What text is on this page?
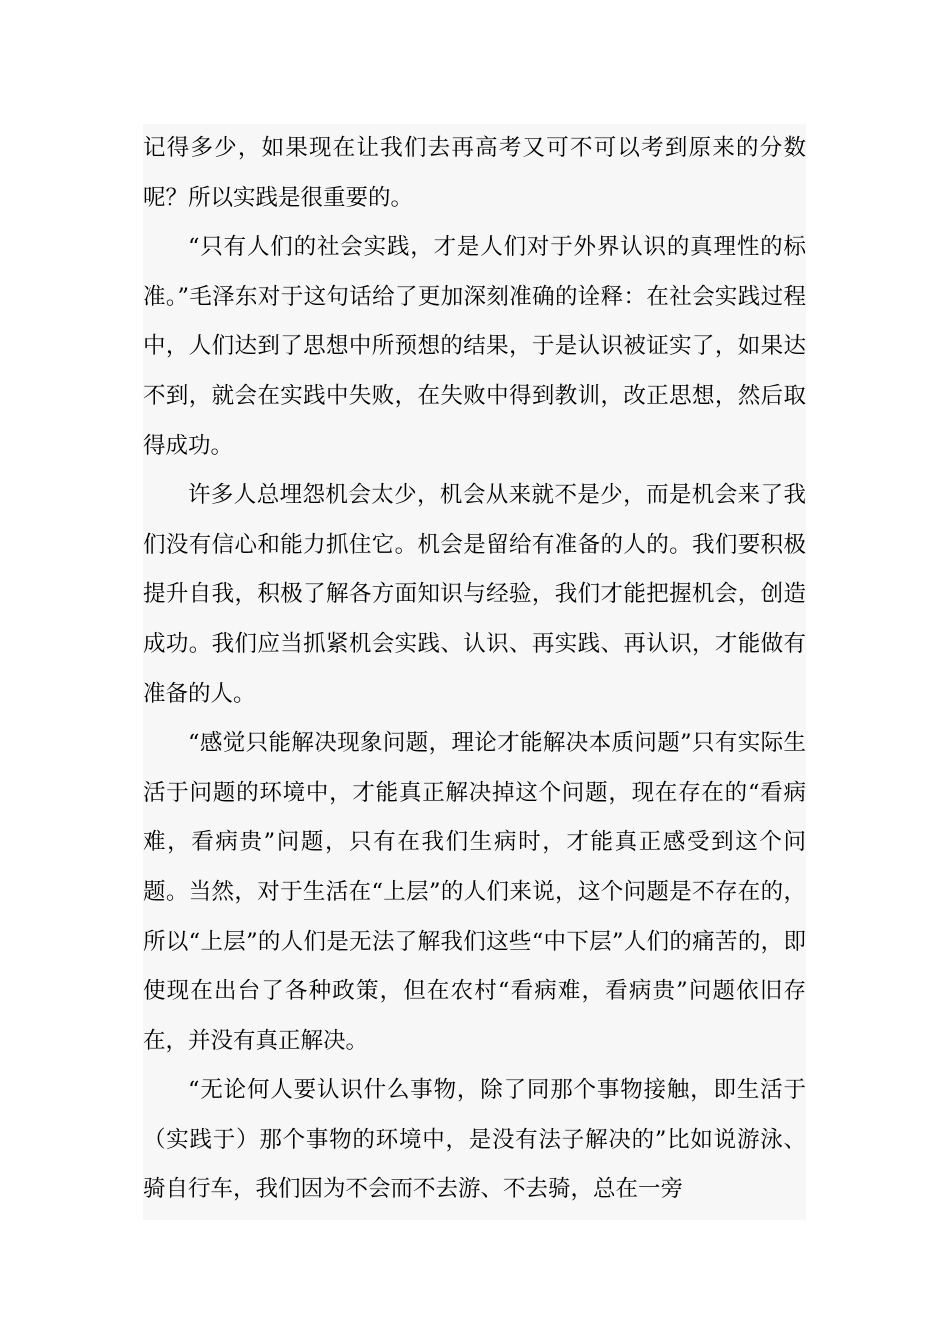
记得多少，如果现在让我们去再高考又可不可以考到原来的分数呢？所以实践是很重要的。

“只有人们的社会实践，才是人们对于外界认识的真理性的标准。”毛泽东对于这句话给了更加深刻准确的诠释：在社会实践过程中，人们达到了思想中所预想的结果，于是认识被证实了，如果达不到，就会在实践中失败，在失败中得到教训，改正思想，然后取得成功。

许多人总埋怨机会太少，机会从来就不是少，而是机会来了我们没有信心和能力抓住它。机会是留给有准备的人的。我们要积极提升自我，积极了解各方面知识与经验，我们才能把握机会，创造成功。我们应当抓紧机会实践、认识、再实践、再认识，才能做有准备的人。

“感觉只能解决现象问题，理论才能解决本质问题”只有实际生活于问题的环境中，才能真正解决掉这个问题，现在存在的“看病难，看病贵”问题，只有在我们生病时，才能真正感受到这个问题。当然，对于生活在“上层”的人们来说，这个问题是不存在的，所以“上层”的人们是无法了解我们这些“中下层”人们的痛苦的，即使现在出台了各种政策，但在农村“看病难，看病贵”问题依旧存在，并没有真正解决。

“无论何人要认识什么事物，除了同那个事物接触，即生活于（实践于）那个事物的环境中，是没有法子解决的”比如说游泳、骑自行车，我们因为不会而不去游、不去骑，总在一旁
